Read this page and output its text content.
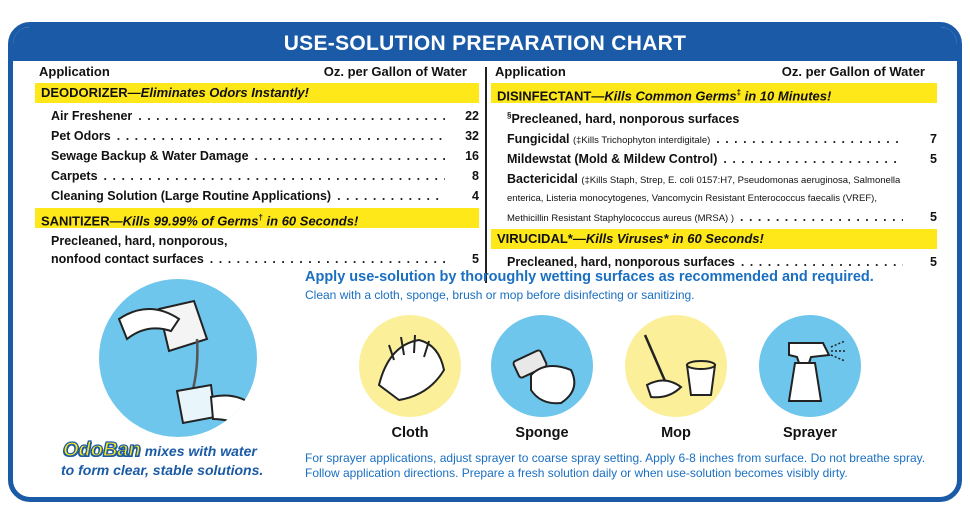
USE-SOLUTION PREPARATION CHART
Application	Oz. per Gallon of Water
DEODORIZER—Eliminates Odors Instantly!
Air Freshener . . .	22
Pet Odors . . .	32
Sewage Backup & Water Damage . . .	16
Carpets . . .	8
Cleaning Solution (Large Routine Applications) . . .	4
SANITIZER—Kills 99.99% of Germs† in 60 Seconds!
Precleaned, hard, nonporous,
nonfood contact surfaces . . .	5
Application	Oz. per Gallon of Water
DISINFECTANT—Kills Common Germs‡ in 10 Minutes!
§Precleaned, hard, nonporous surfaces
Fungicidal (‡Kills Trichophyton interdigitale) . . .	7
Mildewstat (Mold & Mildew Control) . . .	5
Bactericidal (‡Kills Staph, Strep, E. coli 0157:H7, Pseudomonas aeruginosa, Salmonella
enterica, Listeria monocytogenes, Vancomycin Resistant Enterococcus faecalis (VREF),
Methicillin Resistant Staphylococcus aureus (MRSA) ) . . .	5
VIRUCIDAL*—Kills Viruses* in 60 Seconds!
Precleaned, hard, nonporous surfaces . . .	5
Apply use-solution by thoroughly wetting surfaces as recommended and required.
Clean with a cloth, sponge, brush or mop before disinfecting or sanitizing.
Cloth	Sponge	Mop	Sprayer
OdoBan mixes with water
to form clear, stable solutions.
For sprayer applications, adjust sprayer to coarse spray setting. Apply 6-8 inches from surface. Do not breathe spray. Follow application directions. Prepare a fresh solution daily or when use-solution becomes visibly dirty.
